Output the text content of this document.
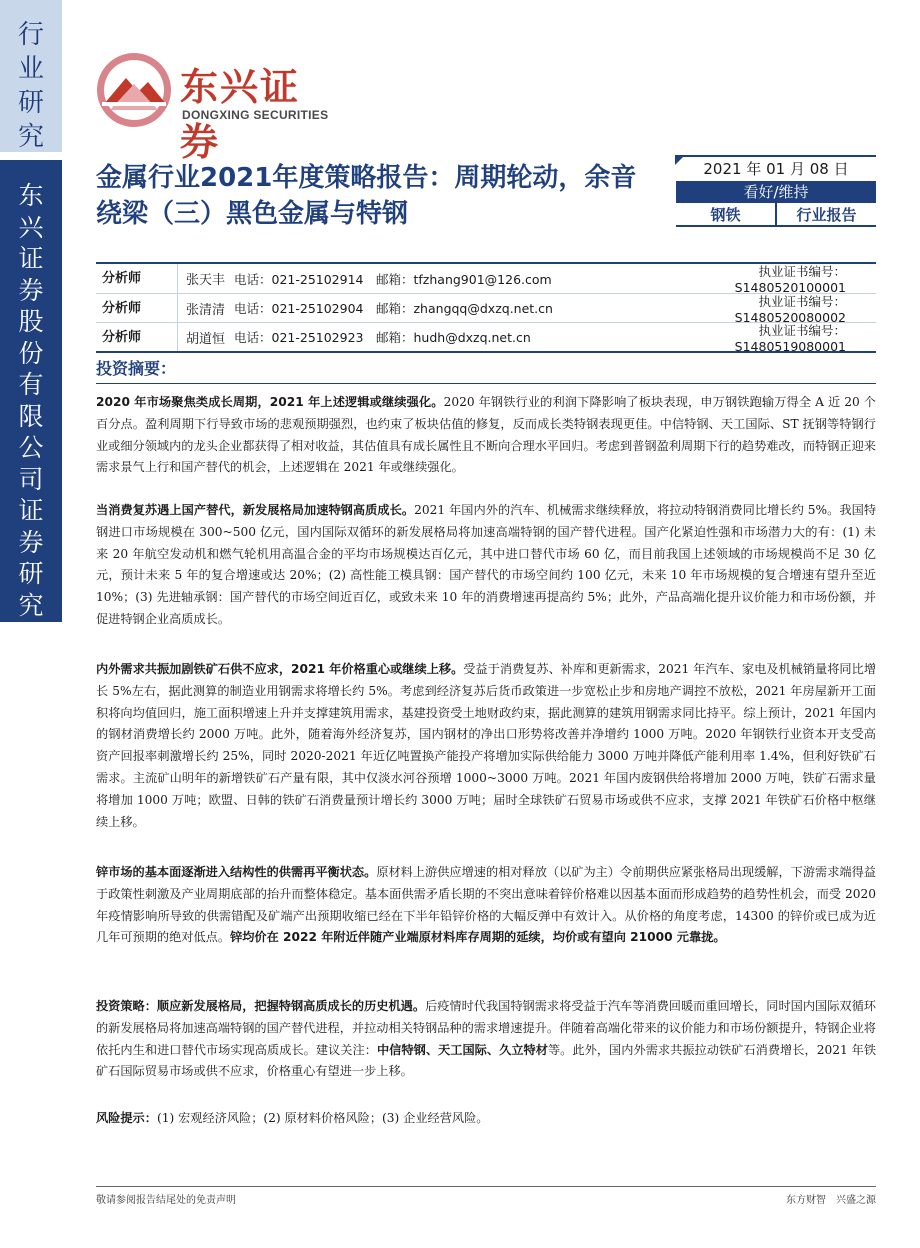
行业研究
东兴证券股份有限公司证券研究报告
东兴证券
DONGXING SECURITIES
金属行业2021年度策略报告：周期轮动，余音绕梁（三）黑色金属与特钢
2021 年 01 月 08 日
看好/维持
钢铁	行业报告
分析师	张天丰 电话：021-25102914	邮箱：tfzhang901@126.com	执业证书编号：S1480520100001
分析师	张清清 电话：021-25102904	邮箱：zhangqq@dxzq.net.cn	执业证书编号：S1480520080002
分析师	胡道恒 电话：021-25102923	邮箱：hudh@dxzq.net.cn	执业证书编号：S1480519080001
投资摘要：

2020 年市场聚焦类成长周期，2021 年上述逻辑或继续强化。2020 年钢铁行业的利润下降影响了板块表现，申万钢铁跑输万得全 A 近 20 个百分点。盈利周期下行导致市场的悲观预期强烈，也约束了板块估值的修复，反而成长类特钢表现更佳。中信特钢、天工国际、ST 抚钢等特钢行业或细分领域内的龙头企业都获得了相对收益，其估值具有成长属性且不断向合理水平回归。考虑到普钢盈利周期下行的趋势难改，而特钢正迎来需求景气上行和国产替代的机会，上述逻辑在 2021 年或继续强化。

当消费复苏遇上国产替代，新发展格局加速特钢高质成长。2021 年国内外的汽车、机械需求继续释放，将拉动特钢消费同比增长约 5%。我国特钢进口市场规模在 300~500 亿元，国内国际双循环的新发展格局将加速高端特钢的国产替代进程。国产化紧迫性强和市场潜力大的有：(1) 未来 20 年航空发动机和燃气轮机用高温合金的平均市场规模达百亿元，其中进口替代市场 60 亿，而目前我国上述领域的市场规模尚不足 30 亿元，预计未来 5 年的复合增速或达 20%；(2) 高性能工模具钢：国产替代的市场空间约 100 亿元，未来 10 年市场规模的复合增速有望升至近 10%；(3) 先进轴承钢：国产替代的市场空间近百亿，或致未来 10 年的消费增速再提高约 5%；此外，产品高端化提升议价能力和市场份额，并促进特钢企业高质成长。

内外需求共振加剧铁矿石供不应求，2021 年价格重心或继续上移。受益于消费复苏、补库和更新需求，2021 年汽车、家电及机械销量将同比增长 5%左右，据此测算的制造业用钢需求将增长约 5%。考虑到经济复苏后货币政策进一步宽松止步和房地产调控不放松，2021 年房屋新开工面积将向均值回归，施工面积增速上升并支撑建筑用需求，基建投资受土地财政约束，据此测算的建筑用钢需求同比持平。综上预计，2021 年国内的钢材消费增长约 2000 万吨。此外，随着海外经济复苏，国内钢材的净出口形势将改善并净增约 1000 万吨。2020 年钢铁行业资本开支受高资产回报率刺激增长约 25%，同时 2020-2021 年近亿吨置换产能投产将增加实际供给能力 3000 万吨并降低产能利用率 1.4%，但利好铁矿石需求。主流矿山明年的新增铁矿石产量有限，其中仅淡水河谷预增 1000~3000 万吨。2021 年国内废钢供给将增加 2000 万吨，铁矿石需求量将增加 1000 万吨；欧盟、日韩的铁矿石消费量预计增长约 3000 万吨；届时全球铁矿石贸易市场或供不应求，支撑 2021 年铁矿石价格中枢继续上移。

锌市场的基本面逐渐进入结构性的供需再平衡状态。原材料上游供应增速的相对释放（以矿为主）令前期供应紧张格局出现缓解，下游需求端得益于政策性刺激及产业周期底部的抬升而整体稳定。基本面供需矛盾长期的不突出意味着锌价格难以因基本面而形成趋势的趋势性机会，而受 2020 年疫情影响所导致的供需错配及矿端产出预期收缩已经在下半年铅锌价格的大幅反弹中有效计入。从价格的角度考虑，14300 的锌价或已成为近几年可预期的绝对低点。锌均价在 2022 年附近伴随产业端原材料库存周期的延续，均价或有望向 21000 元靠拢。

投资策略：顺应新发展格局，把握特钢高质成长的历史机遇。后疫情时代我国特钢需求将受益于汽车等消费回暖而重回增长，同时国内国际双循环的新发展格局将加速高端特钢的国产替代进程，并拉动相关特钢品种的需求增速提升。伴随着高端化带来的议价能力和市场份额提升，特钢企业将依托内生和进口替代市场实现高质成长。建议关注：中信特钢、天工国际、久立特材等。此外，国内外需求共振拉动铁矿石消费增长，2021 年铁矿石国际贸易市场或供不应求，价格重心有望进一步上移。

风险提示：(1) 宏观经济风险；(2) 原材料价格风险；(3) 企业经营风险。

敬请参阅报告结尾处的免责声明	东方财智　兴盛之源
